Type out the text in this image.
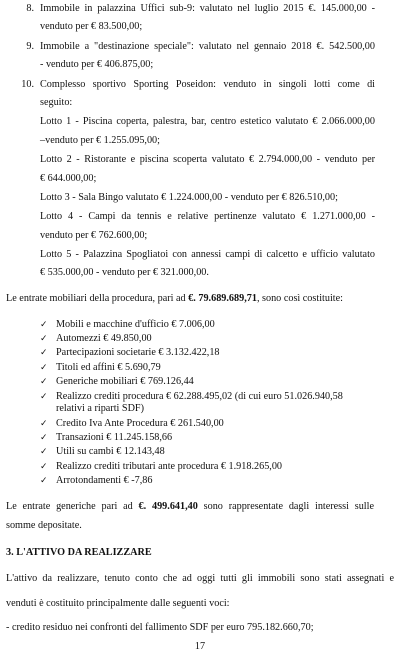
8. Immobile in palazzina Uffici sub-9: valutato nel luglio 2015 €. 145.000,00 -
venduto per € 83.500,00;
9. Immobile a "destinazione speciale": valutato nel gennaio 2018 €. 542.500,00
- venduto per € 406.875,00;
10. Complesso sportivo Sporting Poseidon: venduto in singoli lotti come di
seguito:
Lotto 1 - Piscina coperta, palestra, bar, centro estetico valutato € 2.066.000,00
–venduto per € 1.255.095,00;
Lotto 2 - Ristorante e piscina scoperta valutato € 2.794.000,00 - venduto per
€ 644.000,00;
Lotto 3 - Sala Bingo valutato € 1.224.000,00 - venduto per € 826.510,00;
Lotto 4 - Campi da tennis e relative pertinenze valutato € 1.271.000,00 -
venduto per € 762.600,00;
Lotto 5 - Palazzina Spogliatoi con annessi campi di calcetto e ufficio valutato
€ 535.000,00 - venduto per € 321.000,00.
Le entrate mobiliari della procedura, pari ad €. 79.689.689,71, sono così costituite:
✓ Mobili e macchine d'ufficio € 7.006,00
✓ Automezzi € 49.850,00
✓ Partecipazioni societarie € 3.132.422,18
✓ Titoli ed affini € 5.690,79
✓ Generiche mobiliari € 769.126,44
✓ Realizzo crediti procedura € 62.288.495,02 (di cui euro 51.026.940,58
relativi a riparti SDF)
✓ Credito Iva Ante Procedura € 261.540,00
✓ Transazioni € 11.245.158,66
✓ Utili su cambi € 12.143,48
✓ Realizzo crediti tributari ante procedura € 1.918.265,00
✓ Arrotondamenti € -7,86
Le entrate generiche pari ad €. 499.641,40 sono rappresentate dagli interessi sulle
somme depositate.
3. L'ATTIVO DA REALIZZARE
L'attivo da realizzare, tenuto conto che ad oggi tutti gli immobili sono stati assegnati e
venduti è costituito principalmente dalle seguenti voci:
- credito residuo nei confronti del fallimento SDF per euro 795.182.660,70;
17
